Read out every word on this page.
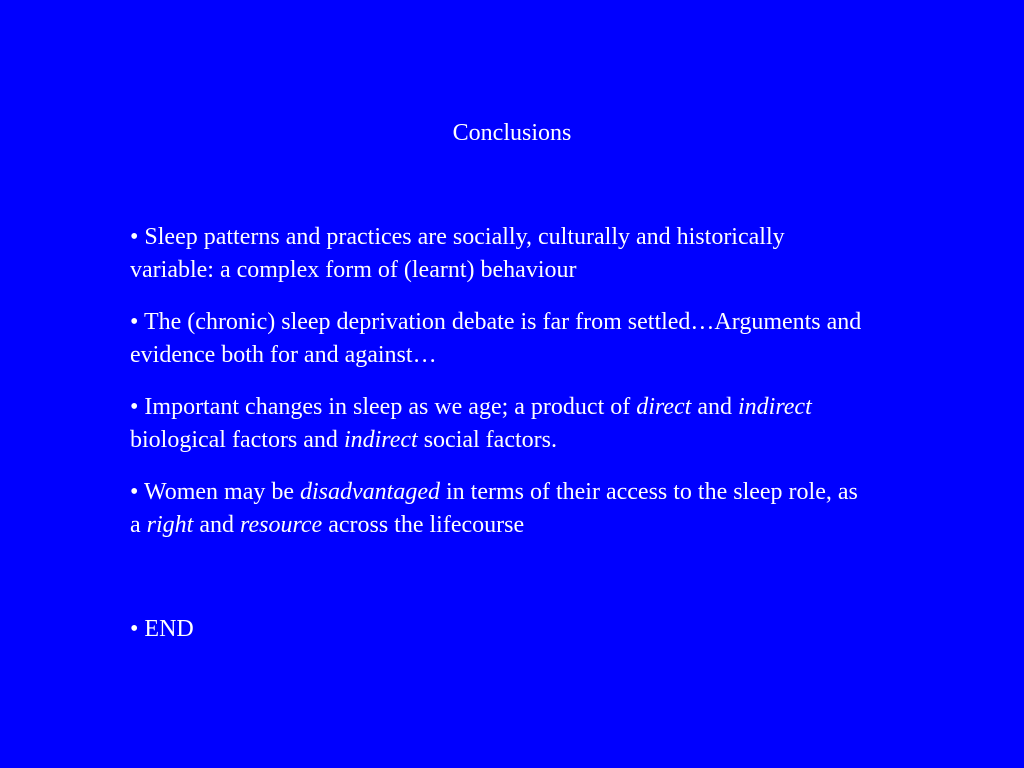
Conclusions
• Sleep patterns and practices are socially, culturally and historically variable: a complex form of (learnt) behaviour
• The (chronic) sleep deprivation debate is far from settled…Arguments and evidence both for and against…
• Important changes in sleep as we age; a product of direct and indirect biological factors and indirect social factors.
• Women may be disadvantaged in terms of their access to the sleep role, as a right and resource across the lifecourse
• END
